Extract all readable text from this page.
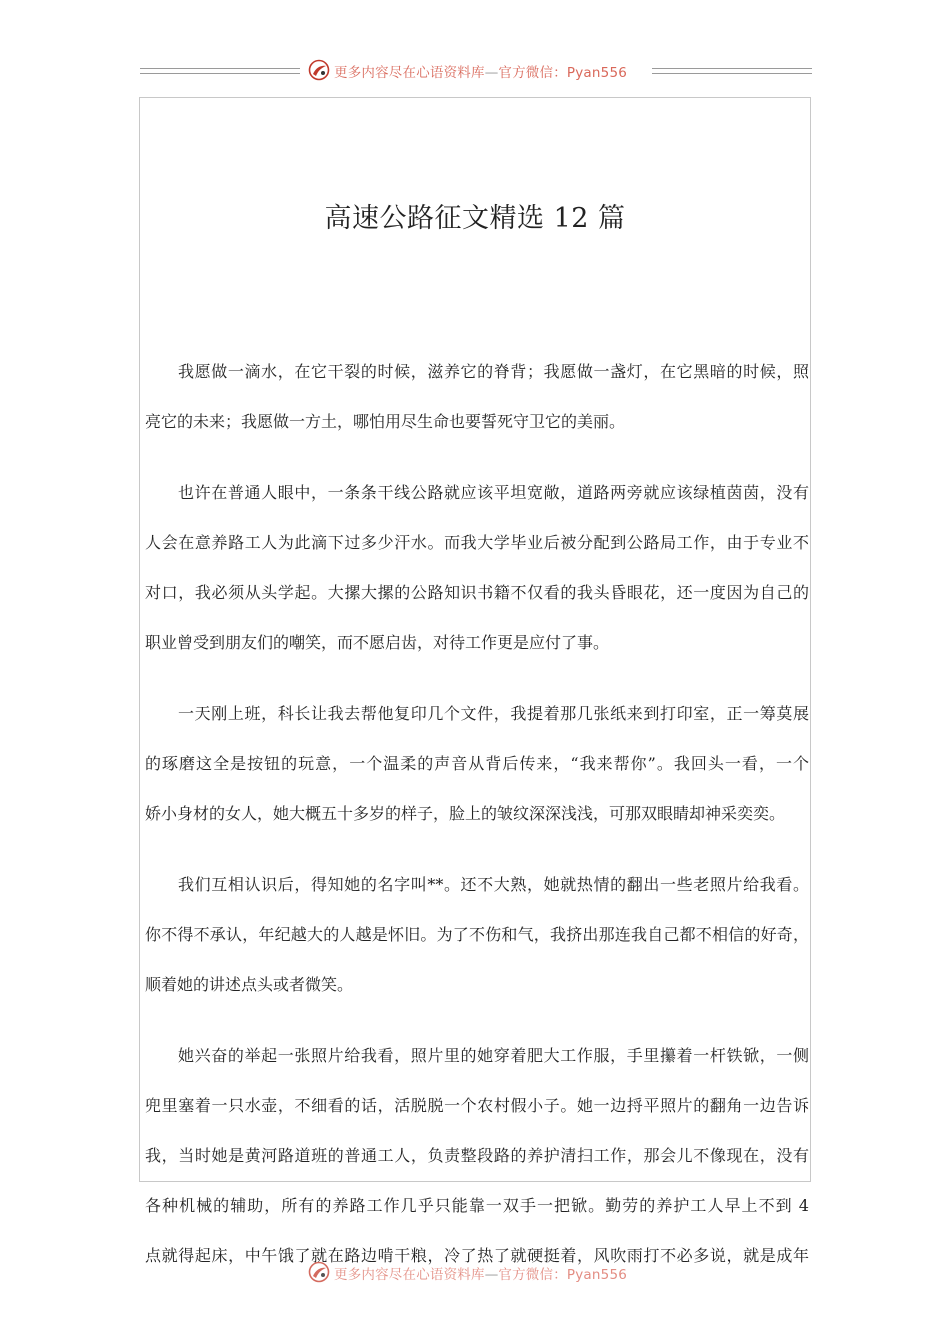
更多内容尽在心语资料库—官方微信：Pyan556
高速公路征文精选 12 篇
我愿做一滴水，在它干裂的时候，滋养它的脊背；我愿做一盏灯，在它黑暗的时候，照
亮它的未来；我愿做一方土，哪怕用尽生命也要誓死守卫它的美丽。
也许在普通人眼中，一条条干线公路就应该平坦宽敞，道路两旁就应该绿植茵茵，没有
人会在意养路工人为此滴下过多少汗水。而我大学毕业后被分配到公路局工作，由于专业不
对口，我必须从头学起。大摞大摞的公路知识书籍不仅看的我头昏眼花，还一度因为自己的
职业曾受到朋友们的嘲笑，而不愿启齿，对待工作更是应付了事。
一天刚上班，科长让我去帮他复印几个文件，我提着那几张纸来到打印室，正一筹莫展
的琢磨这全是按钮的玩意，一个温柔的声音从背后传来，“我来帮你”。我回头一看，一个
娇小身材的女人，她大概五十多岁的样子，脸上的皱纹深深浅浅，可那双眼睛却神采奕奕。
我们互相认识后，得知她的名字叫**。还不大熟，她就热情的翻出一些老照片给我看。
你不得不承认，年纪越大的人越是怀旧。为了不伤和气，我挤出那连我自己都不相信的好奇，
顺着她的讲述点头或者微笑。
她兴奋的举起一张照片给我看，照片里的她穿着肥大工作服，手里攥着一杆铁锨，一侧
兜里塞着一只水壶，不细看的话，活脱脱一个农村假小子。她一边捋平照片的翻角一边告诉
我，当时她是黄河路道班的普通工人，负责整段路的养护清扫工作，那会儿不像现在，没有
各种机械的辅助，所有的养路工作几乎只能靠一双手一把锨。勤劳的养护工人早上不到 4
点就得起床，中午饿了就在路边啃干粮，冷了热了就硬挺着，风吹雨打不必多说，就是成年
更多内容尽在心语资料库—官方微信：Pyan556
